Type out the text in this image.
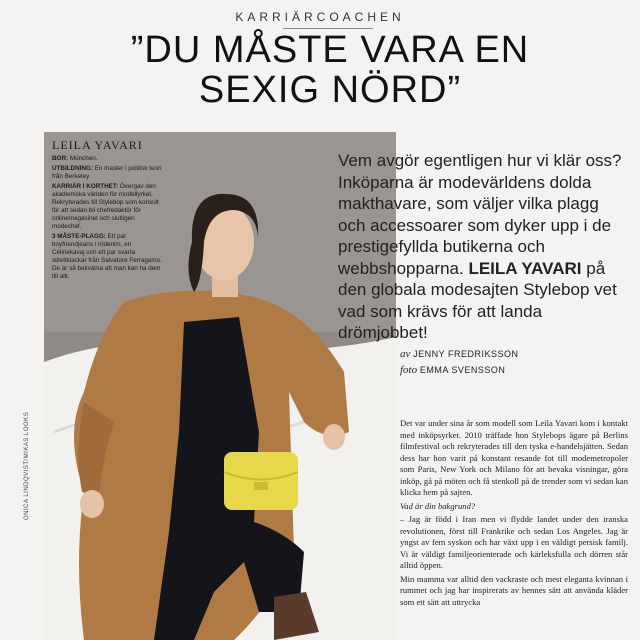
KARRIÄRCOACHEN
”DU MÅSTE VARA EN
SEXIG NÖRD”
LEILA YAVARI

BOR: München.

UTBILDNING: En master i politisk teori från Berkeley.

KARRIÄR I KORTHET: Övergav den akademiska världen för modellyrket. Rekryterades till Stylebop som konsult för att sedan bli chefredaktör för onlinemagasinet och slutligen modechef.

3 MÅSTE-PLAGG: Ett par boyfriendjeans i rödenim, en Célinekavaj och ett par svarta stilettklackar från Salvatore Ferragamo. De är så bekväma att man kan ha dem till allt.

Vem avgör egentligen hur vi klär oss? Inköparna är modevärldens dolda makthavare, som väljer vilka plagg och accessoarer som dyker upp i de prestigefyllda butikerna och webbshopparna. LEILA YAVARI på den globala modesajten Stylebop vet vad som krävs för att landa drömjobbet!
av JENNY FREDRIKSSON
foto EMMA SVENSSON

Det var under sina år som modell som Leila Yavari kom i kontakt med inköpsyrket. 2010 träffade hon Stylebops ägare på Berlins filmfestival och rekryterades till den tyska e-handelsjätten. Sedan dess har hon varit på konstant resande fot till modemetropoler som Paris, New York och Milano för att bevaka visningar, göra inköp, gå på möten och få stenkoll på de trender som vi sedan kan klicka hem på sajten.

Vad är din bakgrund?

– Jag är född i Iran men vi flydde landet under den iranska revolutionen, först till Frankrike och sedan Los Angeles. Jag är yngst av fem syskon och har växt upp i en väldigt persisk familj. Vi är väldigt familjeorienterade och kärleksfulla och dörren står alltid öppen.

Min mamma var alltid den vackraste och mest eleganta kvinnan i rummet och jag har inspirerats av hennes sätt att använda kläder som ett sätt att uttrycka

ONICA LINDQVIST/MIKAS LOOKS
